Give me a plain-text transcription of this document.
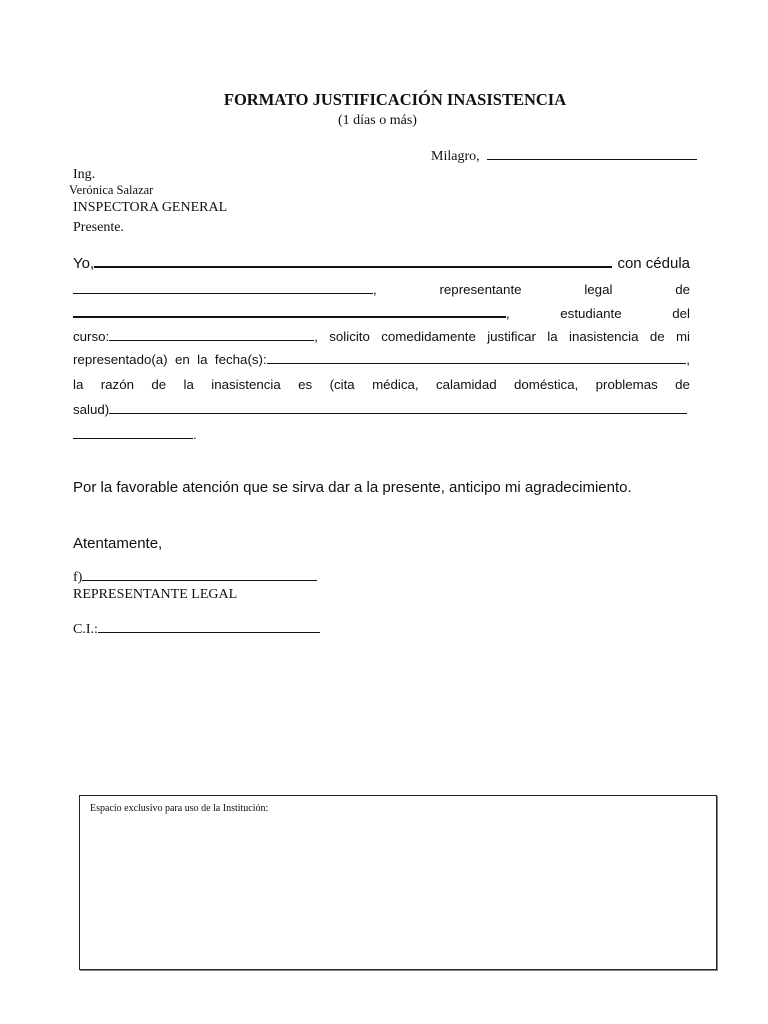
FORMATO JUSTIFICACIÓN INASISTENCIA
(1 días o más)
Milagro,
Ing.
Verónica Salazar
INSPECTORA GENERAL
Presente.
Yo,	con cédula
,	representante	legal	de
,	estudiante	del
curso:	, solicito comedidamente justificar la inasistencia de mi
representado(a)  en  la  fecha(s):	,
la razón de la inasistencia es (cita médica, calamidad doméstica, problemas de
salud)
.
Por la favorable atención que se sirva dar a la presente, anticipo mi agradecimiento.
Atentamente,
f)
REPRESENTANTE LEGAL
C.I.:
Espacio exclusivo para uso de la Institución:
